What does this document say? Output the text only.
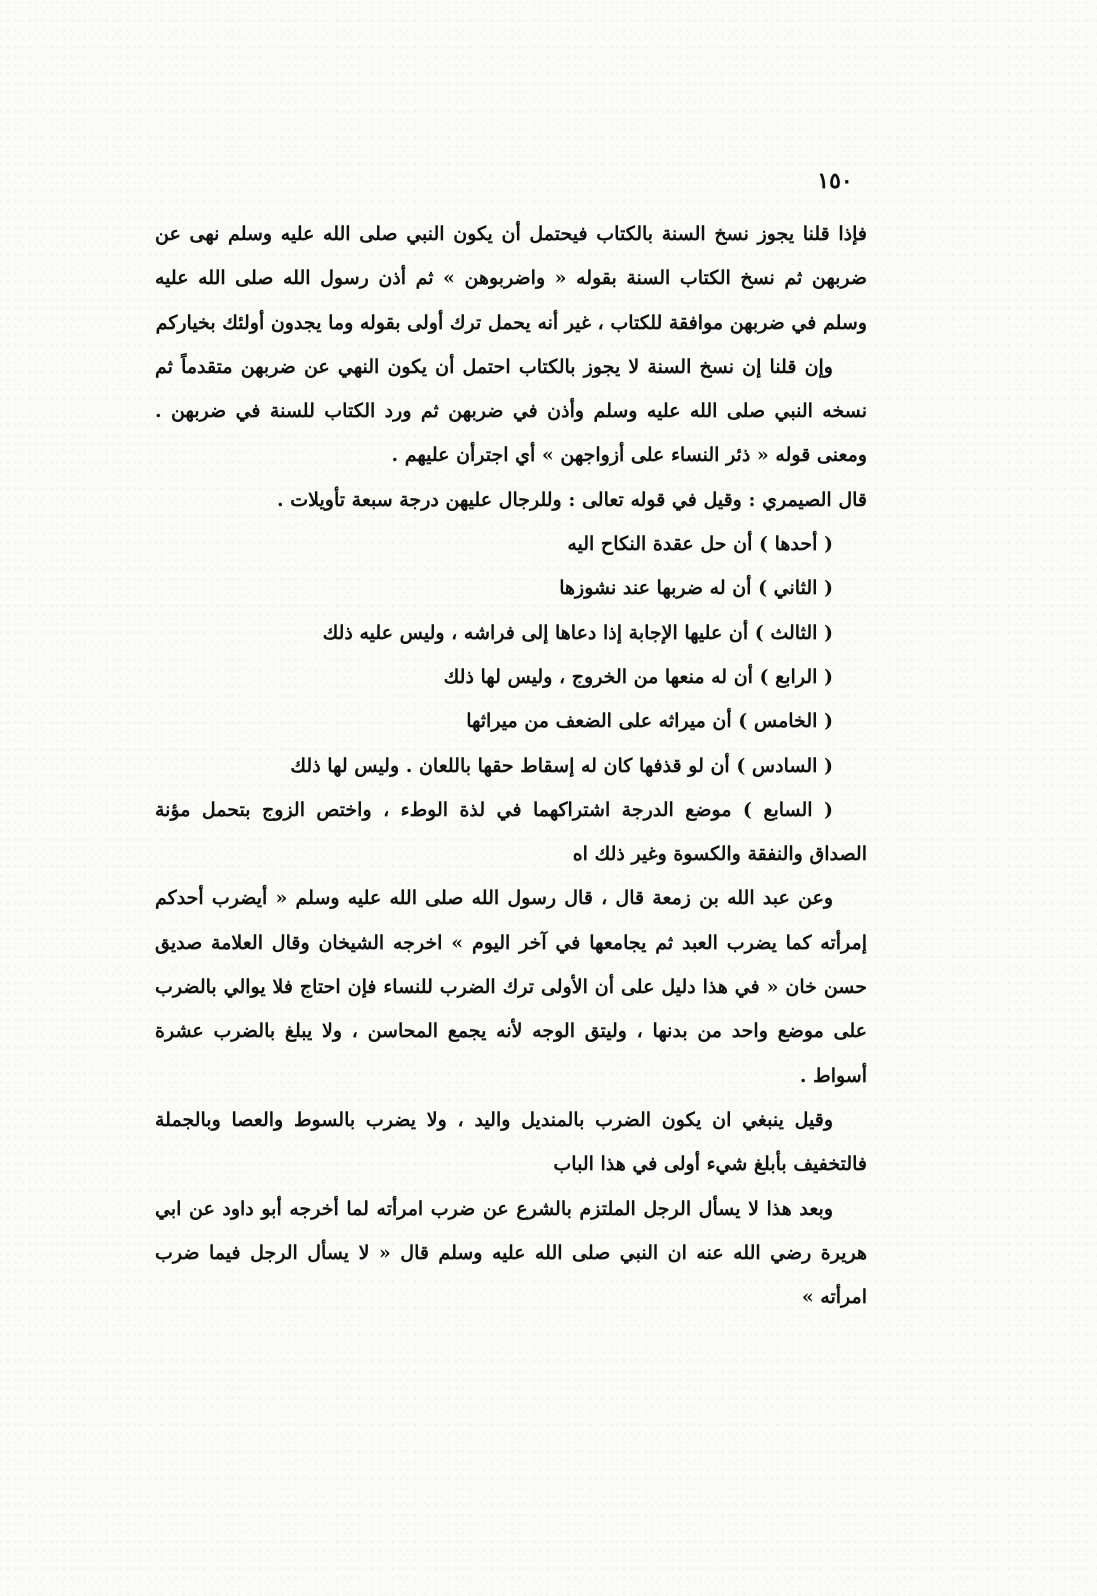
١٥٠

فإذا قلنا يجوز نسخ السنة بالكتاب فيحتمل أن يكون النبي صلى الله عليه وسلم نهى عن ضربهن ثم نسخ الكتاب السنة بقوله « واضربوهن » ثم أذن رسول الله صلى الله عليه وسلم في ضربهن موافقة للكتاب ، غير أنه يحمل ترك أولى بقوله وما يجدون أولئك بخياركم

وإن قلنا إن نسخ السنة لا يجوز بالكتاب احتمل أن يكون النهي عن ضربهن متقدماً ثم نسخه النبي صلى الله عليه وسلم وأذن في ضربهن ثم ورد الكتاب للسنة في ضربهن . ومعنى قوله « ذئر النساء على أزواجهن » أي اجترأن عليهم .

قال الصيمري : وقيل في قوله تعالى : وللرجال عليهن درجة سبعة تأويلات .

( أحدها ) أن حل عقدة النكاح اليه

( الثاني ) أن له ضربها عند نشوزها

( الثالث ) أن عليها الإجابة إذا دعاها إلى فراشه ، وليس عليه ذلك

( الرابع ) أن له منعها من الخروج ، وليس لها ذلك

( الخامس ) أن ميراثه على الضعف من ميراثها

( السادس ) أن لو قذفها كان له إسقاط حقها باللعان . وليس لها ذلك

( السابع ) موضع الدرجة اشتراكهما في لذة الوطء ، واختص الزوج بتحمل مؤنة الصداق والنفقة والكسوة وغير ذلك اه

وعن عبد الله بن زمعة قال ، قال رسول الله صلى الله عليه وسلم « أيضرب أحدكم إمرأته كما يضرب العبد ثم يجامعها في آخر اليوم » اخرجه الشيخان وقال العلامة صديق حسن خان « في هذا دليل على أن الأولى ترك الضرب للنساء فإن احتاج فلا يوالي بالضرب على موضع واحد من بدنها ، وليتق الوجه لأنه يجمع المحاسن ، ولا يبلغ بالضرب عشرة أسواط .

وقيل ينبغي ان يكون الضرب بالمنديل واليد ، ولا يضرب بالسوط والعصا وبالجملة فالتخفيف بأبلغ شيء أولى في هذا الباب

وبعد هذا لا يسأل الرجل الملتزم بالشرع عن ضرب امرأته لما أخرجه أبو داود عن ابي هريرة رضي الله عنه ان النبي صلى الله عليه وسلم قال « لا يسأل الرجل فيما ضرب امرأته »
